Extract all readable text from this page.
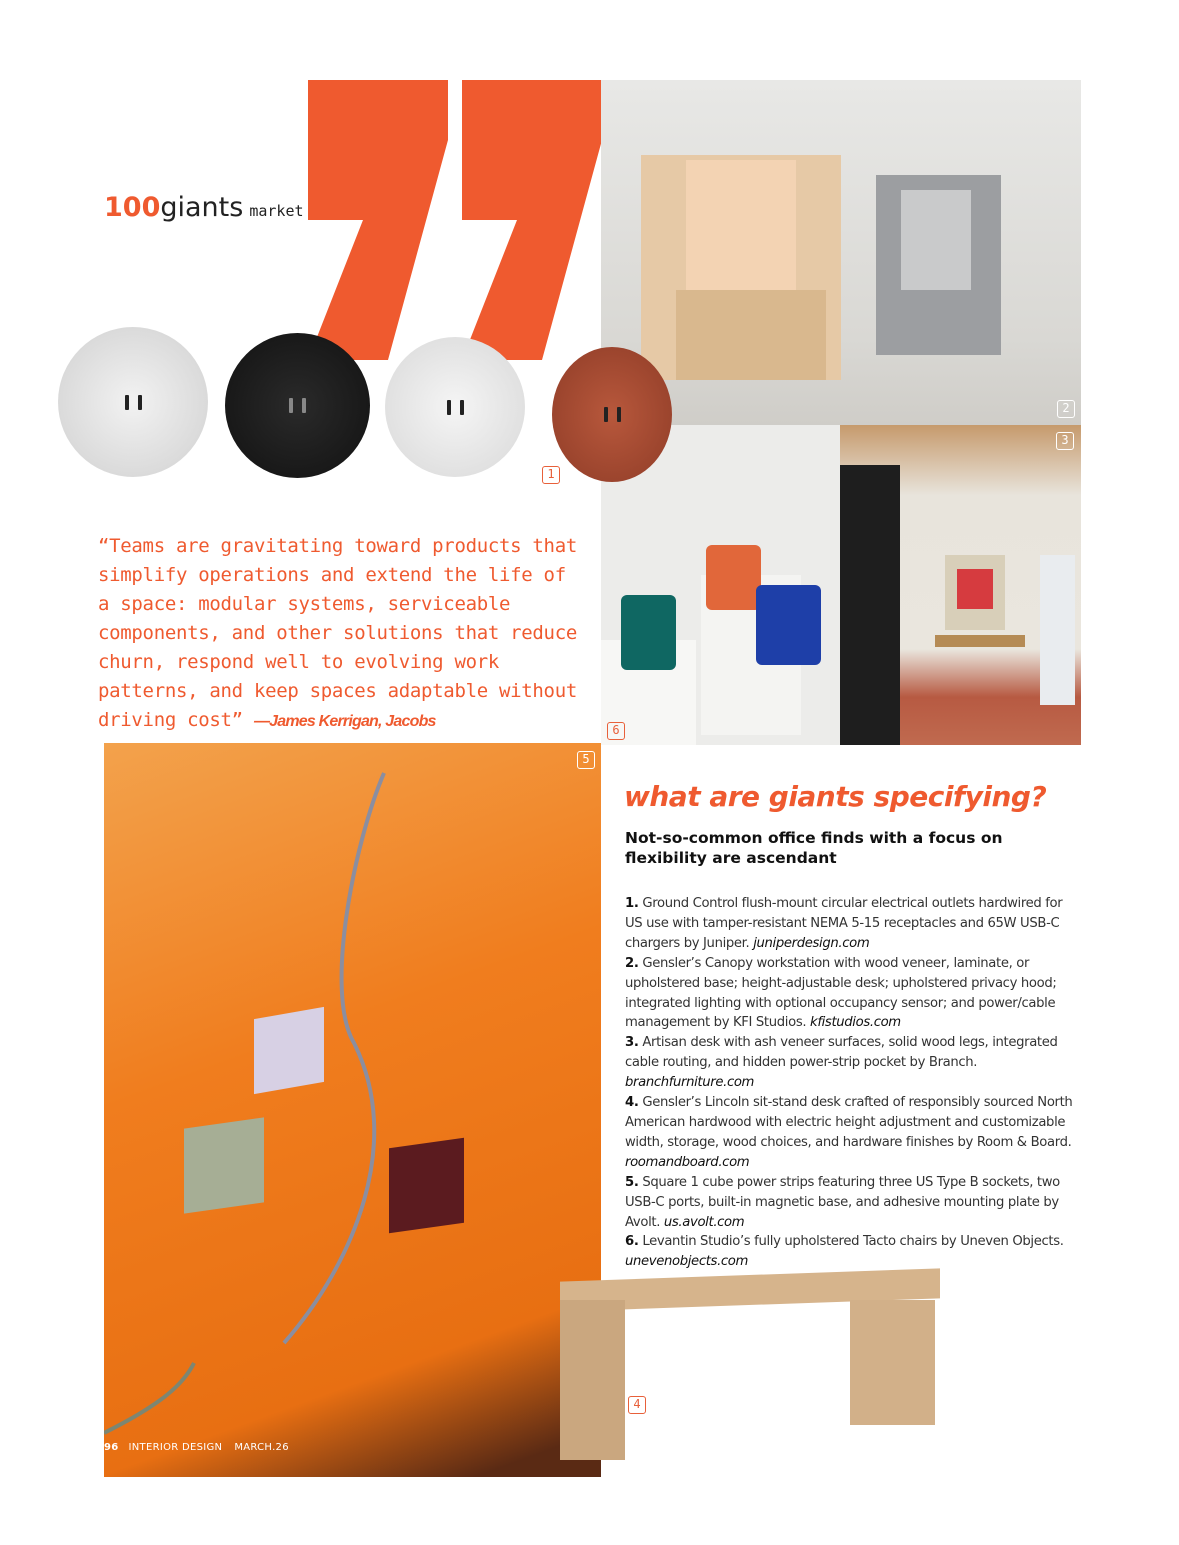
100giants market
2
6
3
1
“Teams are gravitating toward products that simplify operations and extend the life of a space: modular systems, serviceable components, and other solutions that reduce churn, respond well to evolving work patterns, and keep spaces adaptable without driving cost” —James Kerrigan, Jacobs
5
what are giants specifying?
Not-so-common office finds with a focus on flexibility are ascendant
1. Ground Control flush-mount circular electrical outlets hardwired for US use with tamper-resistant NEMA 5-15 receptacles and 65W USB-C chargers by Juniper. juniperdesign.com
2. Gensler’s Canopy workstation with wood veneer, laminate, or upholstered base; height-adjustable desk; upholstered privacy hood; integrated lighting with optional occupancy sensor; and power/cable management by KFI Studios. kfistudios.com
3. Artisan desk with ash veneer surfaces, solid wood legs, integrated cable routing, and hidden power-strip pocket by Branch. branchfurniture.com
4. Gensler’s Lincoln sit-stand desk crafted of responsibly sourced North American hardwood with electric height adjustment and customizable width, storage, wood choices, and hardware finishes by Room & Board. roomandboard.com
5. Square 1 cube power strips featuring three US Type B sockets, two USB-C ports, built-in magnetic base, and adhesive mounting plate by Avolt. us.avolt.com
6. Levantin Studio’s fully upholstered Tacto chairs by Uneven Objects. unevenobjects.com
4
96 INTERIOR DESIGN MARCH.26
